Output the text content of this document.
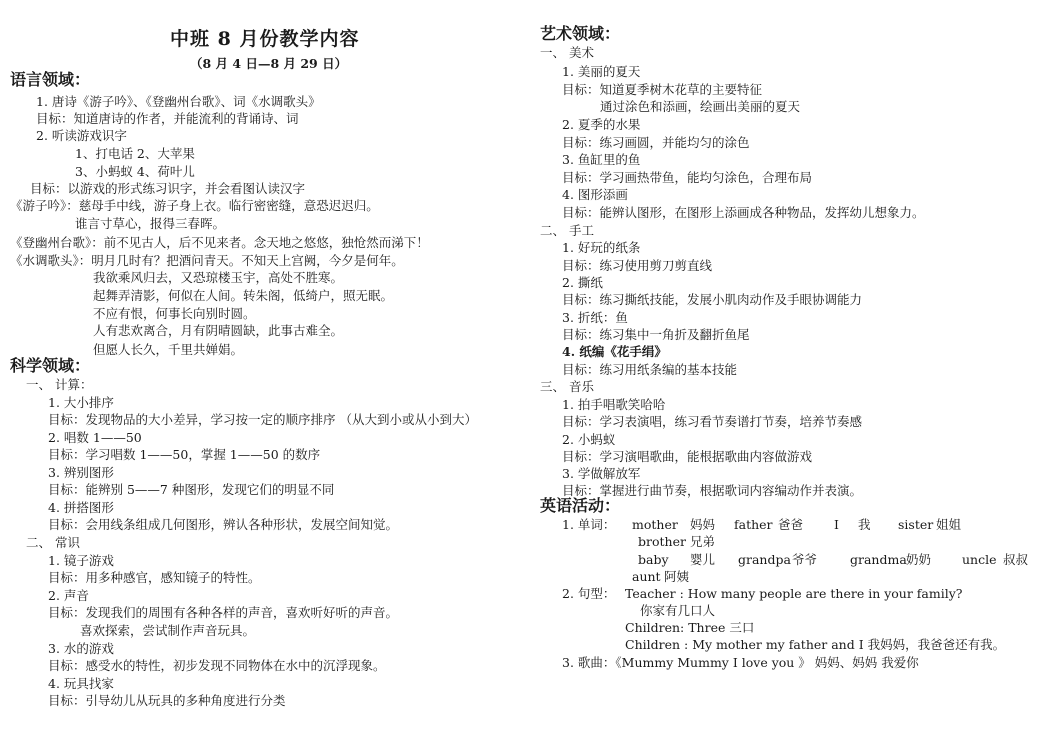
中班 8 月份教学内容
（8 月 4 日—8 月 29 日）
语言领域：
1. 唐诗《游子吟》、《登幽州台歌》、词《水调歌头》
目标：知道唐诗的作者，并能流利的背诵诗、词
2. 听读游戏识字
1、打电话 2、大苹果
3、小蚂蚁 4、荷叶儿
目标：以游戏的形式练习识字，并会看图认读汉字
《游子吟》：慈母手中线，游子身上衣。临行密密缝，意恐迟迟归。
谁言寸草心，报得三春晖。
《登幽州台歌》：前不见古人，后不见来者。念天地之悠悠，独怆然而涕下！
《水调歌头》：明月几时有？把酒问青天。不知天上宫阙，今夕是何年。
我欲乘风归去，又恐琼楼玉宇，高处不胜寒。
起舞弄清影，何似在人间。转朱阁，低绮户，照无眠。
不应有恨，何事长向别时圆。
人有悲欢离合，月有阴晴圆缺，此事古难全。
但愿人长久，千里共婵娟。
科学领域：
一、 计算：
1. 大小排序
目标：发现物品的大小差异，学习按一定的顺序排序 （从大到小或从小到大）
2. 唱数 1——50
目标：学习唱数 1——50，掌握 1——50 的数序
3. 辨别图形
目标：能辨别 5——7 种图形，发现它们的明显不同
4. 拼搭图形
目标：会用线条组成几何图形，辨认各种形状，发展空间知觉。
二、 常识
1. 镜子游戏
目标：用多种感官，感知镜子的特性。
2. 声音
目标：发现我们的周围有各种各样的声音，喜欢听好听的声音。
喜欢探索，尝试制作声音玩具。
3. 水的游戏
目标：感受水的特性，初步发现不同物体在水中的沉浮现象。
4. 玩具找家
目标：引导幼儿从玩具的多种角度进行分类
艺术领域：
一、 美术
1. 美丽的夏天
目标：知道夏季树木花草的主要特征
通过涂色和添画，绘画出美丽的夏天
2. 夏季的水果
目标：练习画圆，并能均匀的涂色
3. 鱼缸里的鱼
目标：学习画热带鱼，能均匀涂色，合理布局
4. 图形添画
目标：能辨认图形，在图形上添画成各种物品，发挥幼儿想象力。
二、 手工
1. 好玩的纸条
目标：练习使用剪刀剪直线
2. 撕纸
目标：练习撕纸技能，发展小肌肉动作及手眼协调能力
3. 折纸：鱼
目标：练习集中一角折及翻折鱼尾
4. 纸编《花手绢》
目标：练习用纸条编的基本技能
三、 音乐
1. 拍手唱歌笑哈哈
目标：学习表演唱，练习看节奏谱打节奏，培养节奏感
2. 小蚂蚁
目标：学习演唱歌曲，能根据歌曲内容做游戏
3. 学做解放军
目标：掌握进行曲节奏，根据歌词内容编动作并表演。
英语活动：
1. 单词： mother 妈妈 father 爸爸 I 我 sister 姐姐
brother 兄弟
baby 婴儿 grandpa 爷爷	grandma 奶奶 uncle 叔叔
aunt 阿姨
2. 句型： Teacher : How many people are there in your family?
你家有几口人
Children: Three 三口
Children : My mother my father and I 我妈妈，我爸爸还有我。
3. 歌曲：《Mummy Mummy I love you 》 妈妈、妈妈 我爱你
